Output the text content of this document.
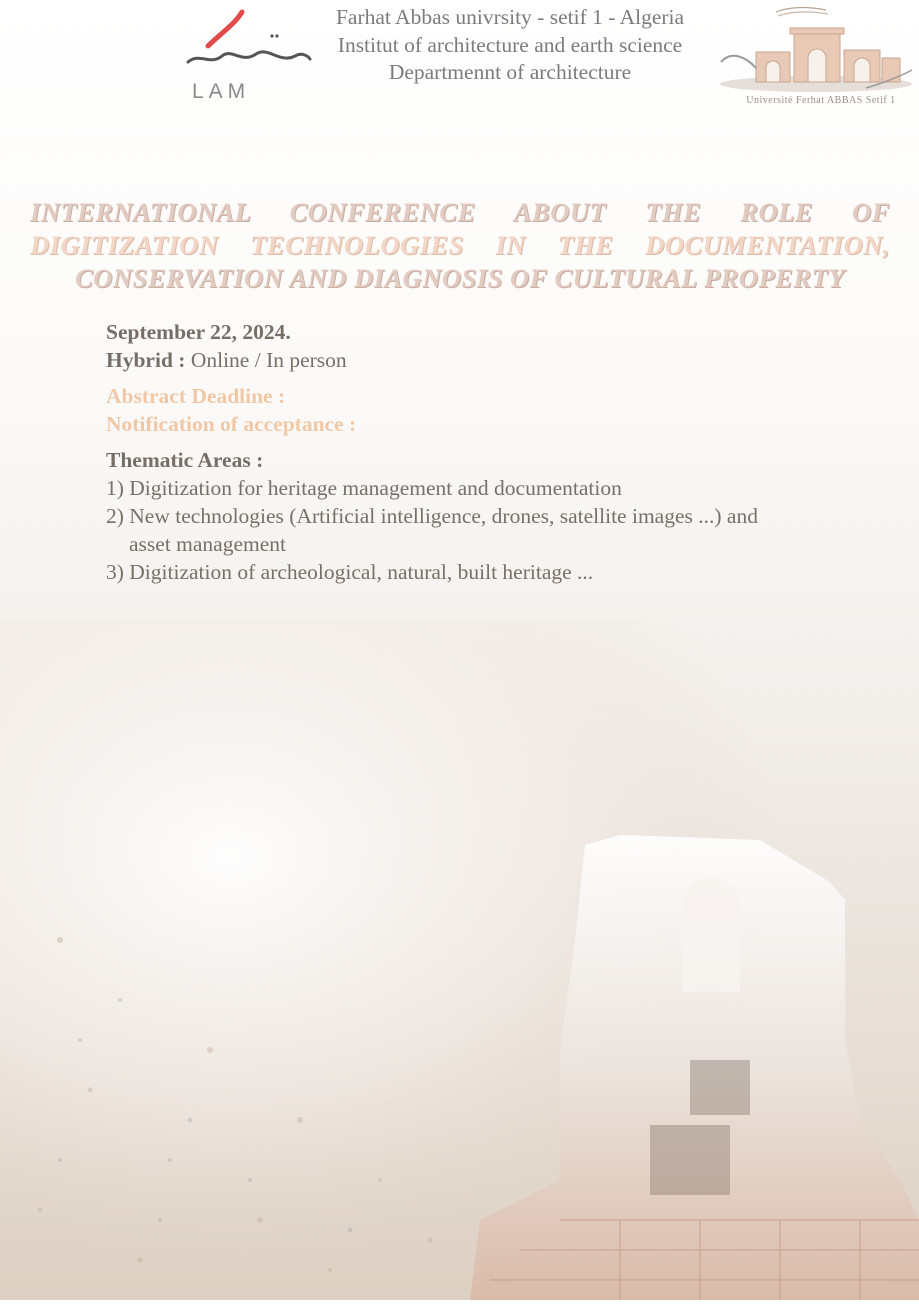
LAM
Farhat Abbas univrsity - setif 1 - Algeria
Institut of architecture and earth science
Departmennt of architecture
Université Ferhat ABBAS Setif 1
INTERNATIONAL CONFERENCE ABOUT THE ROLE OF
DIGITIZATION TECHNOLOGIES IN THE DOCUMENTATION,
CONSERVATION AND DIAGNOSIS OF CULTURAL PROPERTY
September 22, 2024.
Hybrid : Online / In person
Abstract Deadline :
Notification of acceptance :
Thematic Areas :
1) Digitization for heritage management and documentation
2) New technologies (Artificial intelligence, drones, satellite images ...) and
asset management
3) Digitization of archeological, natural, built heritage ...
